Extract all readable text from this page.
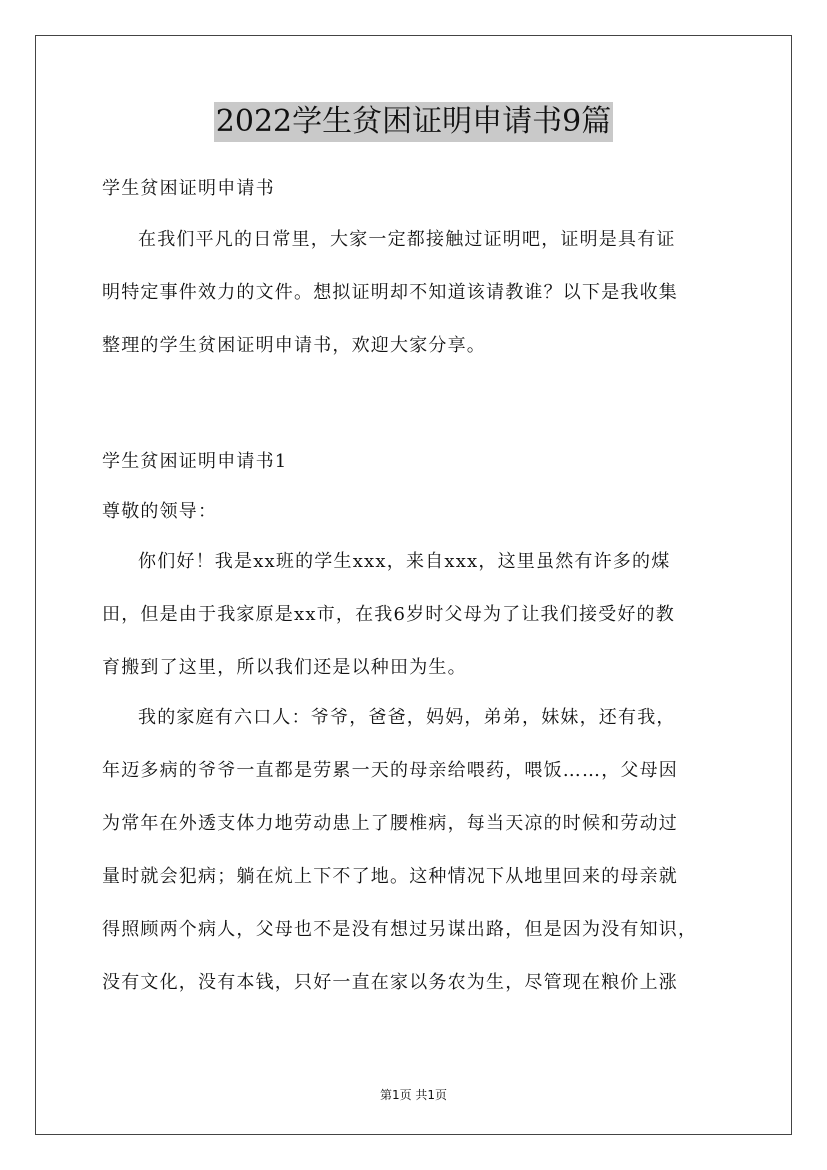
2022学生贫困证明申请书9篇
学生贫困证明申请书
在我们平凡的日常里，大家一定都接触过证明吧，证明是具有证
明特定事件效力的文件。想拟证明却不知道该请教谁？以下是我收集
整理的学生贫困证明申请书，欢迎大家分享。
学生贫困证明申请书1
尊敬的领导：
你们好！我是xx班的学生xxx，来自xxx，这里虽然有许多的煤
田，但是由于我家原是xx市，在我6岁时父母为了让我们接受好的教
育搬到了这里，所以我们还是以种田为生。
我的家庭有六口人：爷爷，爸爸，妈妈，弟弟，妹妹，还有我，
年迈多病的爷爷一直都是劳累一天的母亲给喂药，喂饭……，父母因
为常年在外透支体力地劳动患上了腰椎病，每当天凉的时候和劳动过
量时就会犯病；躺在炕上下不了地。这种情况下从地里回来的母亲就
得照顾两个病人，父母也不是没有想过另谋出路，但是因为没有知识，
没有文化，没有本钱，只好一直在家以务农为生，尽管现在粮价上涨
第1页 共1页
